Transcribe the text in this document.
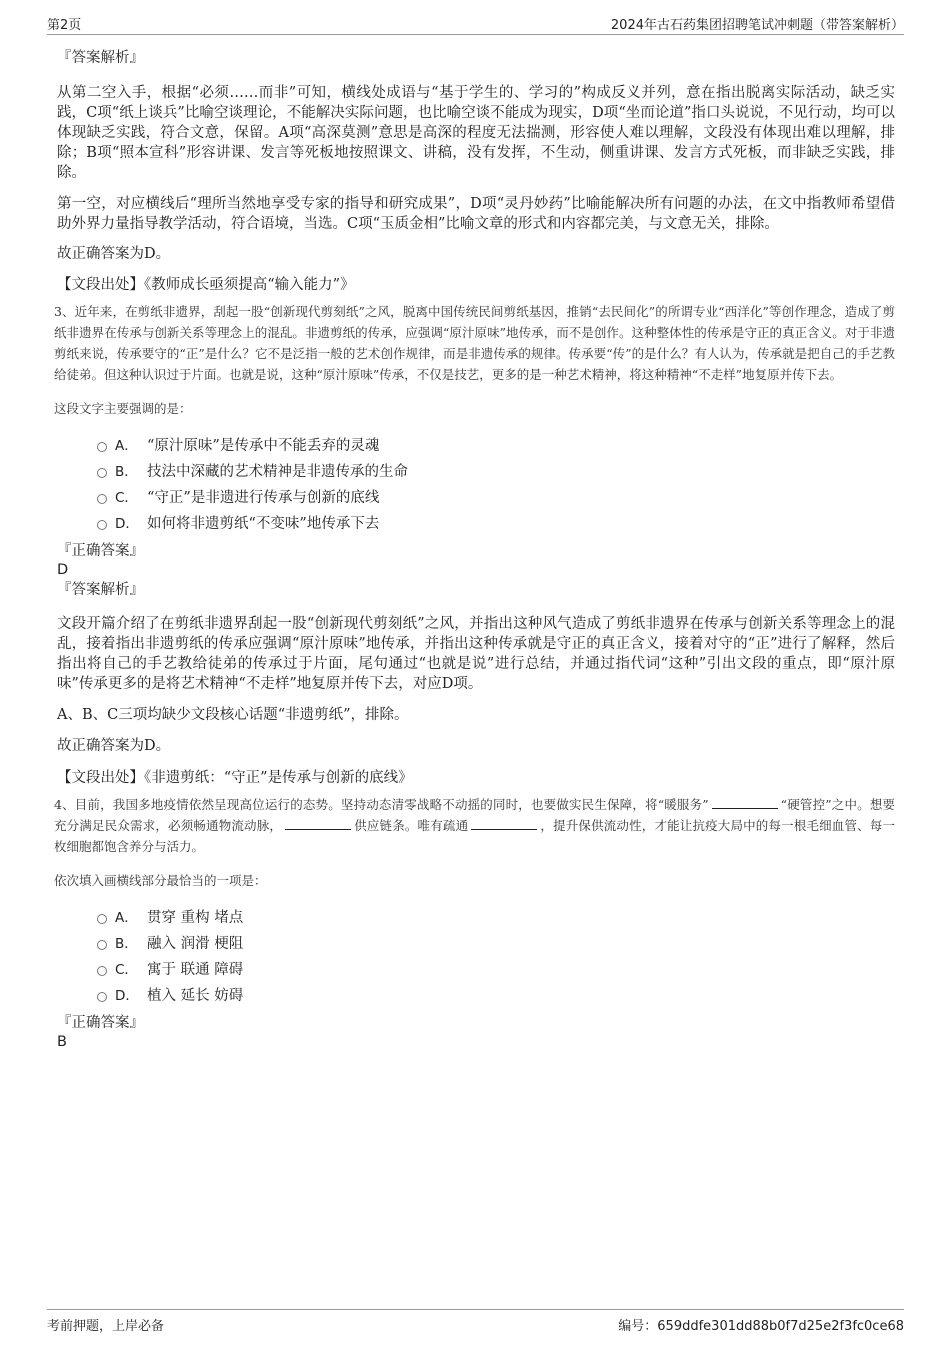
第2页	2024年古石药集团招聘笔试冲刺题（带答案解析）

『答案解析』

从第二空入手，根据“必须……而非”可知，横线处成语与“基于学生的、学习的”构成反义并列，意在指出脱离实际活动，缺乏实践，C项“纸上谈兵”比喻空谈理论，不能解决实际问题，也比喻空谈不能成为现实，D项“坐而论道”指口头说说，不见行动，均可以体现缺乏实践，符合文意，保留。A项“高深莫测”意思是高深的程度无法揣测，形容使人难以理解，文段没有体现出难以理解，排除；B项“照本宣科”形容讲课、发言等死板地按照课文、讲稿，没有发挥，不生动，侧重讲课、发言方式死板，而非缺乏实践，排除。

第一空，对应横线后“理所当然地享受专家的指导和研究成果”，D项“灵丹妙药”比喻能解决所有问题的办法，在文中指教师希望借助外界力量指导教学活动，符合语境，当选。C项“玉质金相”比喻文章的形式和内容都完美，与文意无关，排除。

故正确答案为D。

【文段出处】《教师成长亟须提高“输入能力”》

3、近年来，在剪纸非遗界，刮起一股“创新现代剪刻纸”之风，脱离中国传统民间剪纸基因，推销“去民间化”的所谓专业“西洋化”等创作理念，造成了剪纸非遗界在传承与创新关系等理念上的混乱。非遗剪纸的传承，应强调“原汁原味”地传承，而不是创作。这种整体性的传承是守正的真正含义。对于非遗剪纸来说，传承要守的“正”是什么？它不是泛指一般的艺术创作规律，而是非遗传承的规律。传承要“传”的是什么？有人认为，传承就是把自己的手艺教给徒弟。但这种认识过于片面。也就是说，这种“原汁原味”传承，不仅是技艺，更多的是一种艺术精神，将这种精神“不走样”地复原并传下去。

这段文字主要强调的是：

A． “原汁原味”是传承中不能丢弃的灵魂
B． 技法中深藏的艺术精神是非遗传承的生命
C． “守正”是非遗进行传承与创新的底线
D． 如何将非遗剪纸“不变味”地传承下去

『正确答案』

D

『答案解析』

文段开篇介绍了在剪纸非遗界刮起一股“创新现代剪刻纸”之风，并指出这种风气造成了剪纸非遗界在传承与创新关系等理念上的混乱，接着指出非遗剪纸的传承应强调“原汁原味”地传承，并指出这种传承就是守正的真正含义，接着对守的“正”进行了解释，然后指出将自己的手艺教给徒弟的传承过于片面，尾句通过“也就是说”进行总结，并通过指代词“这种”引出文段的重点，即“原汁原味”传承更多的是将艺术精神“不走样”地复原并传下去，对应D项。

A、B、C三项均缺少文段核心话题“非遗剪纸”，排除。

故正确答案为D。

【文段出处】《非遗剪纸：“守正”是传承与创新的底线》

4、目前，我国多地疫情依然呈现高位运行的态势。坚持动态清零战略不动摇的同时，也要做实民生保障，将“暖服务”	“硬管控”之中。想要充分满足民众需求，必须畅通物流动脉，	供应链条。唯有疏通	，提升保供流动性，才能让抗疫大局中的每一根毛细血管、每一枚细胞都饱含养分与活力。

依次填入画横线部分最恰当的一项是：

A． 贯穿 重构 堵点
B． 融入 润滑 梗阻
C． 寓于 联通 障碍
D． 植入 延长 妨碍

『正确答案』

B

考前押题，上岸必备	编号：659ddfe301dd88b0f7d25e2f3fc0ce68
